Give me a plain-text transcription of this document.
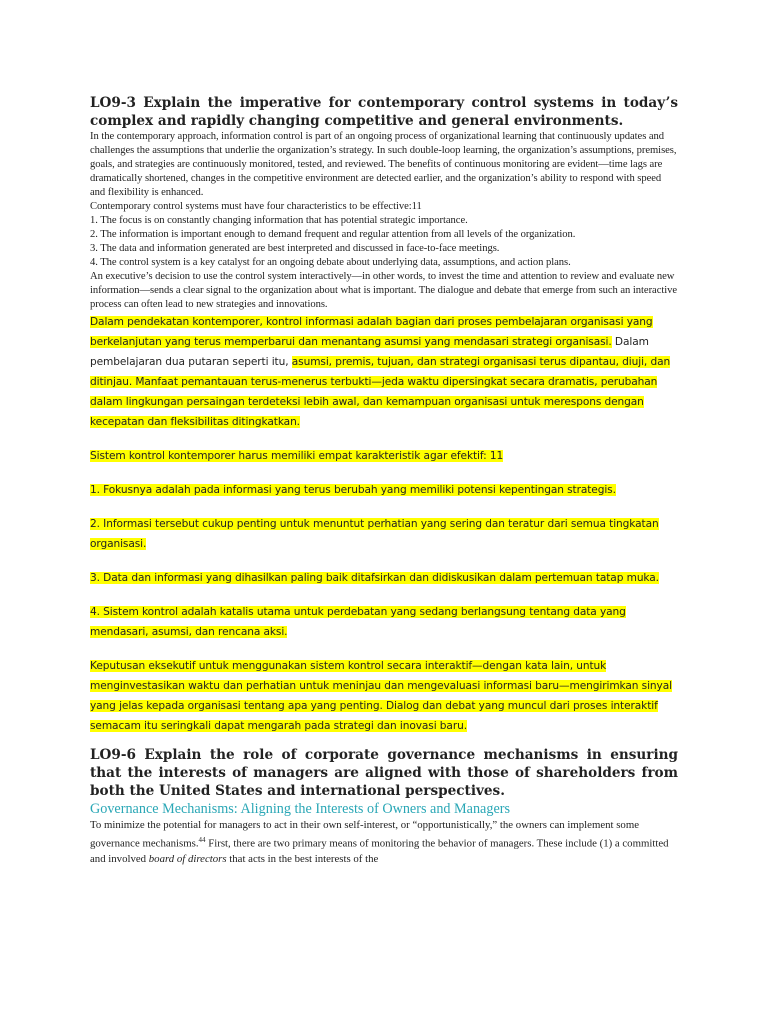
LO9-3 Explain the imperative for contemporary control systems in today’s complex and rapidly changing competitive and general environments.

In the contemporary approach, information control is part of an ongoing process of organizational learning that continuously updates and challenges the assumptions that underlie the organization’s strategy. In such double-loop learning, the organization’s assumptions, premises, goals, and strategies are continuously monitored, tested, and reviewed. The benefits of continuous monitoring are evident—time lags are dramatically shortened, changes in the competitive environment are detected earlier, and the organization’s ability to respond with speed and flexibility is enhanced.

Contemporary control systems must have four characteristics to be effective:11

1. The focus is on constantly changing information that has potential strategic importance.

2. The information is important enough to demand frequent and regular attention from all levels of the organization.

3. The data and information generated are best interpreted and discussed in face-to-face meetings.

4. The control system is a key catalyst for an ongoing debate about underlying data, assumptions, and action plans.

An executive’s decision to use the control system interactively—in other words, to invest the time and attention to review and evaluate new information—sends a clear signal to the organization about what is important. The dialogue and debate that emerge from such an interactive process can often lead to new strategies and innovations.

Dalam pendekatan kontemporer, kontrol informasi adalah bagian dari proses pembelajaran organisasi yang berkelanjutan yang terus memperbarui dan menantang asumsi yang mendasari strategi organisasi. Dalam pembelajaran dua putaran seperti itu, asumsi, premis, tujuan, dan strategi organisasi terus dipantau, diuji, dan ditinjau. Manfaat pemantauan terus-menerus terbukti—jeda waktu dipersingkat secara dramatis, perubahan dalam lingkungan persaingan terdeteksi lebih awal, dan kemampuan organisasi untuk merespons dengan kecepatan dan fleksibilitas ditingkatkan.

Sistem kontrol kontemporer harus memiliki empat karakteristik agar efektif: 11

1. Fokusnya adalah pada informasi yang terus berubah yang memiliki potensi kepentingan strategis.

2. Informasi tersebut cukup penting untuk menuntut perhatian yang sering dan teratur dari semua tingkatan organisasi.

3. Data dan informasi yang dihasilkan paling baik ditafsirkan dan didiskusikan dalam pertemuan tatap muka.

4. Sistem kontrol adalah katalis utama untuk perdebatan yang sedang berlangsung tentang data yang mendasari, asumsi, dan rencana aksi.

Keputusan eksekutif untuk menggunakan sistem kontrol secara interaktif—dengan kata lain, untuk menginvestasikan waktu dan perhatian untuk meninjau dan mengevaluasi informasi baru—mengirimkan sinyal yang jelas kepada organisasi tentang apa yang penting. Dialog dan debat yang muncul dari proses interaktif semacam itu seringkali dapat mengarah pada strategi dan inovasi baru.

LO9-6 Explain the role of corporate governance mechanisms in ensuring that the interests of managers are aligned with those of shareholders from both the United States and international perspectives.

Governance Mechanisms: Aligning the Interests of Owners and Managers

To minimize the potential for managers to act in their own self-interest, or “opportunistically,” the owners can implement some governance mechanisms.$^{44}$ First, there are two primary means of monitoring the behavior of managers. These include (1) a committed and involved board of directors that acts in the best interests of the
